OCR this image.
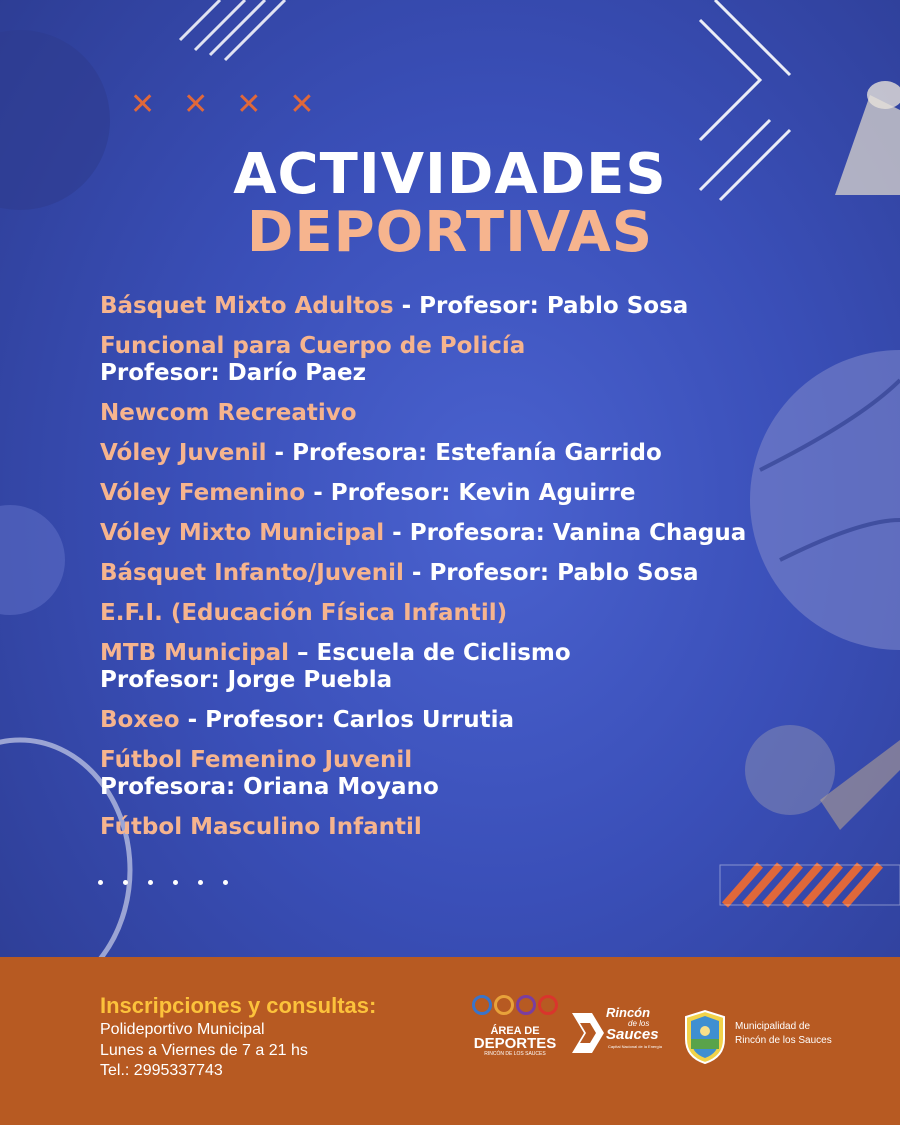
✕ ✕ ✕ ✕
ACTIVIDADES
DEPORTIVAS
Básquet Mixto Adultos - Profesor: Pablo Sosa
Funcional para Cuerpo de Policía
Profesor: Darío Paez
Newcom Recreativo
Vóley Juvenil - Profesora: Estefanía Garrido
Vóley Femenino - Profesor: Kevin Aguirre
Vóley Mixto Municipal - Profesora: Vanina Chagua
Básquet Infanto/Juvenil - Profesor: Pablo Sosa
E.F.I. (Educación Física Infantil)
MTB Municipal – Escuela de Ciclismo
Profesor: Jorge Puebla
Boxeo - Profesor: Carlos Urrutia
Fútbol Femenino Juvenil
Profesora: Oriana Moyano
Fútbol Masculino Infantil
Inscripciones y consultas:
Polideportivo Municipal
Lunes a Viernes de 7 a 21 hs
Tel.: 2995337743
ÁREA DE
DEPORTES
RINCÓN DE LOS SAUCES
Rincón
de los
Sauces
Capital Nacional de la Energía
Municipalidad de
Rincón de los Sauces
